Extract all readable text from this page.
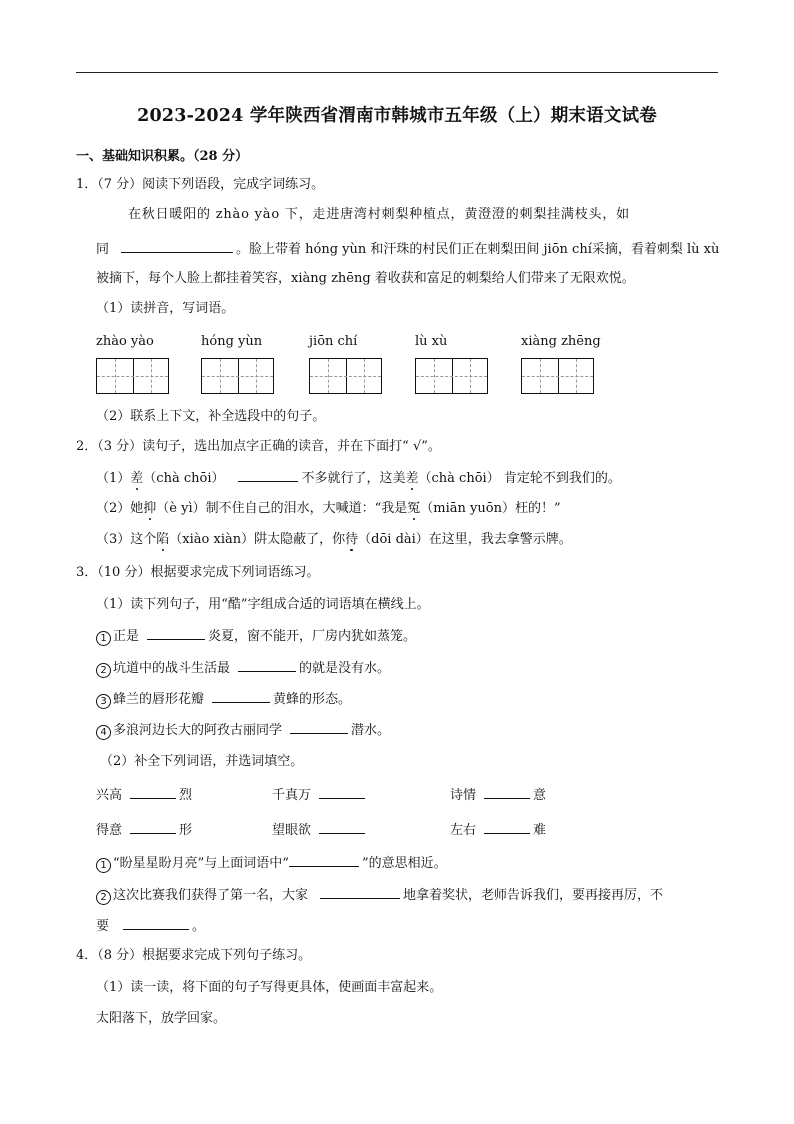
2023-2024 学年陕西省渭南市韩城市五年级（上）期末语文试卷
一、基础知识积累。（28 分）
1．（7 分）阅读下列语段，完成字词练习。
在秋日暖阳的 zhào yào 下，走进唐湾村刺梨种植点，黄澄澄的刺梨挂满枝头，如
同	。脸上带着 hóng yùn 和汗珠的村民们正在刺梨田间 jiōn chí采摘，看着刺梨 lù xù
被摘下，每个人脸上都挂着笑容，xiàng zhēng 着收获和富足的刺梨给人们带来了无限欢悦。
（1）读拼音，写词语。
zhào yào	hóng yùn	jiōn chí	lù xù	xiàng zhēng
（2）联系上下文，补全选段中的句子。
2．（3 分）读句子，选出加点字正确的读音，并在下面打“ √”。
（1）差（chà chōi）	不多就行了，这美差（chà chōi） 肯定轮不到我们的。
（2）她抑（è yì）制不住自己的泪水，大喊道：“我是冤（miān yuōn）枉的！”
（3）这个陷（xiào xiàn）阱太隐蔽了，你待（dōi dài）在这里，我去拿警示牌。
3．（10 分）根据要求完成下列词语练习。
（1）读下列句子，用“酷”字组成合适的词语填在横线上。
1 正是	炎夏，窗不能开，厂房内犹如蒸笼。
2 坑道中的战斗生活最	的就是没有水。
3 蜂兰的唇形花瓣	黄蜂的形态。
4 多浪河边长大的阿孜古丽同学	潜水。
（2）补全下列词语，并选词填空。
兴高	烈	千真万	诗情	意
得意	形	望眼欲	左右	难
1 “盼星星盼月亮”与上面词语中“	”的意思相近。
2 这次比赛我们获得了第一名，大家	地拿着奖状，老师告诉我们，要再接再厉，不
要	。
4．（8 分）根据要求完成下列句子练习。
（1）读一读，将下面的句子写得更具体，使画面丰富起来。
太阳落下，放学回家。
